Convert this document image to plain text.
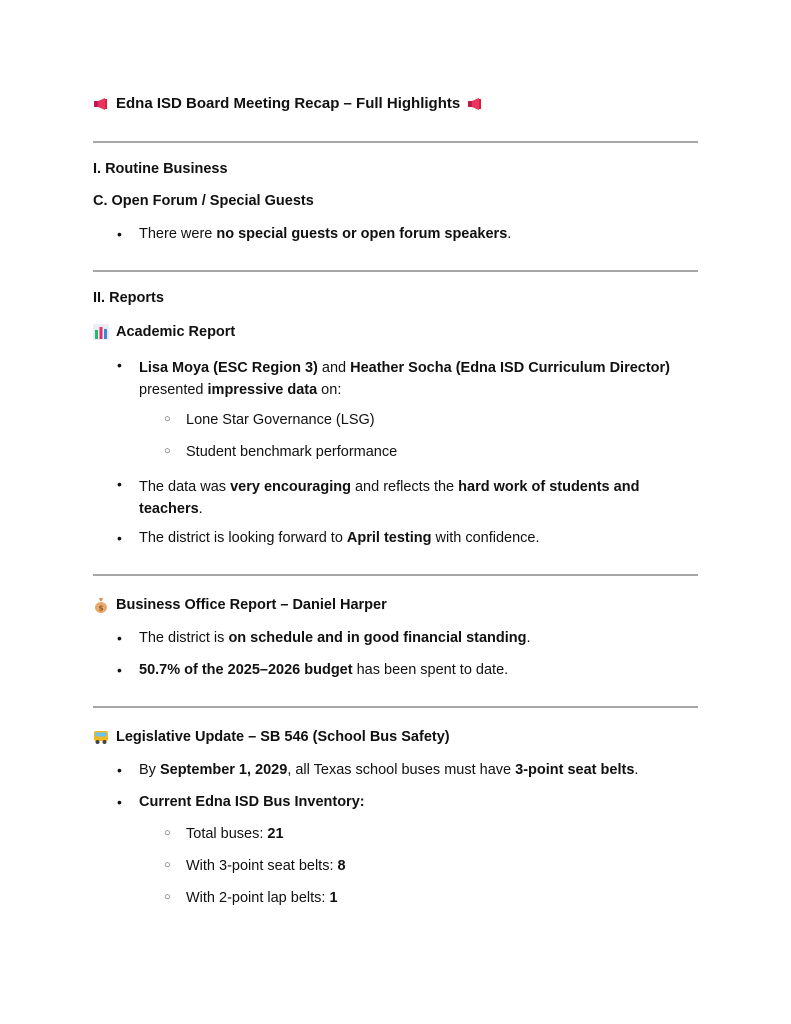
Edna ISD Board Meeting Recap – Full Highlights
I. Routine Business
C. Open Forum / Special Guests
• There were no special guests or open forum speakers.
II. Reports
Academic Report
• Lisa Moya (ESC Region 3) and Heather Socha (Edna ISD Curriculum Director) presented impressive data on:
○ Lone Star Governance (LSG)
○ Student benchmark performance
• The data was very encouraging and reflects the hard work of students and teachers.
• The district is looking forward to April testing with confidence.
$ Business Office Report – Daniel Harper
• The district is on schedule and in good financial standing.
• 50.7% of the 2025–2026 budget has been spent to date.
Legislative Update – SB 546 (School Bus Safety)
• By September 1, 2029, all Texas school buses must have 3-point seat belts.
• Current Edna ISD Bus Inventory:
○ Total buses: 21
○ With 3-point seat belts: 8
○ With 2-point lap belts: 1
